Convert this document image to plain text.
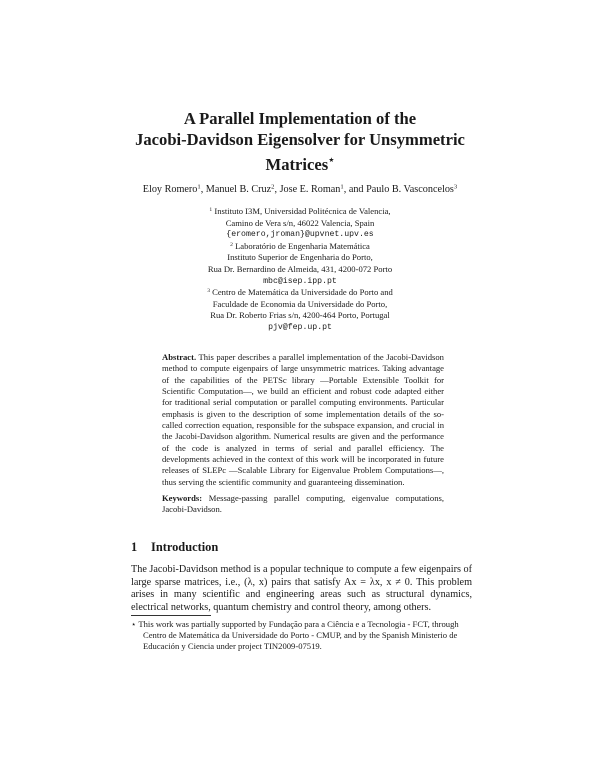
A Parallel Implementation of the
Jacobi-Davidson Eigensolver for Unsymmetric
Matrices⋆
Eloy Romero$^1$, Manuel B. Cruz$^2$, Jose E. Roman$^1$, and Paulo B. Vasconcelos$^3$
$^1$ Instituto I3M, Universidad Politécnica de Valencia,
Camino de Vera s/n, 46022 Valencia, Spain
{eromero,jroman}@upvnet.upv.es
$^2$ Laboratório de Engenharia Matemática
Instituto Superior de Engenharia do Porto,
Rua Dr. Bernardino de Almeida, 431, 4200-072 Porto
mbc@isep.ipp.pt
$^3$ Centro de Matemática da Universidade do Porto and
Faculdade de Economia da Universidade do Porto,
Rua Dr. Roberto Frias s/n, 4200-464 Porto, Portugal
pjv@fep.up.pt

Abstract. This paper describes a parallel implementation of the Jacobi-Davidson method to compute eigenpairs of large unsymmetric matrices. Taking advantage of the capabilities of the PETSc library —Portable Extensible Toolkit for Scientific Computation—, we build an efficient and robust code adapted either for traditional serial computation or parallel computing environments. Particular emphasis is given to the description of some implementation details of the so-called correction equation, responsible for the subspace expansion, and crucial in the Jacobi-Davidson algorithm. Numerical results are given and the performance of the code is analyzed in terms of serial and parallel efficiency. The developments achieved in the context of this work will be incorporated in future releases of SLEPc —Scalable Library for Eigenvalue Problem Computations—, thus serving the scientific community and guaranteeing dissemination.

Keywords: Message-passing parallel computing, eigenvalue computations, Jacobi-Davidson.

1 Introduction

The Jacobi-Davidson method is a popular technique to compute a few eigenpairs of large sparse matrices, i.e., (λ, x) pairs that satisfy Ax = λx, x ≠ 0. This problem arises in many scientific and engineering areas such as structural dynamics, electrical networks, quantum chemistry and control theory, among others.

⋆ This work was partially supported by Fundação para a Ciência e a Tecnologia - FCT, through Centro de Matemática da Universidade do Porto - CMUP, and by the Spanish Ministerio de Educación y Ciencia under project TIN2009-07519.
